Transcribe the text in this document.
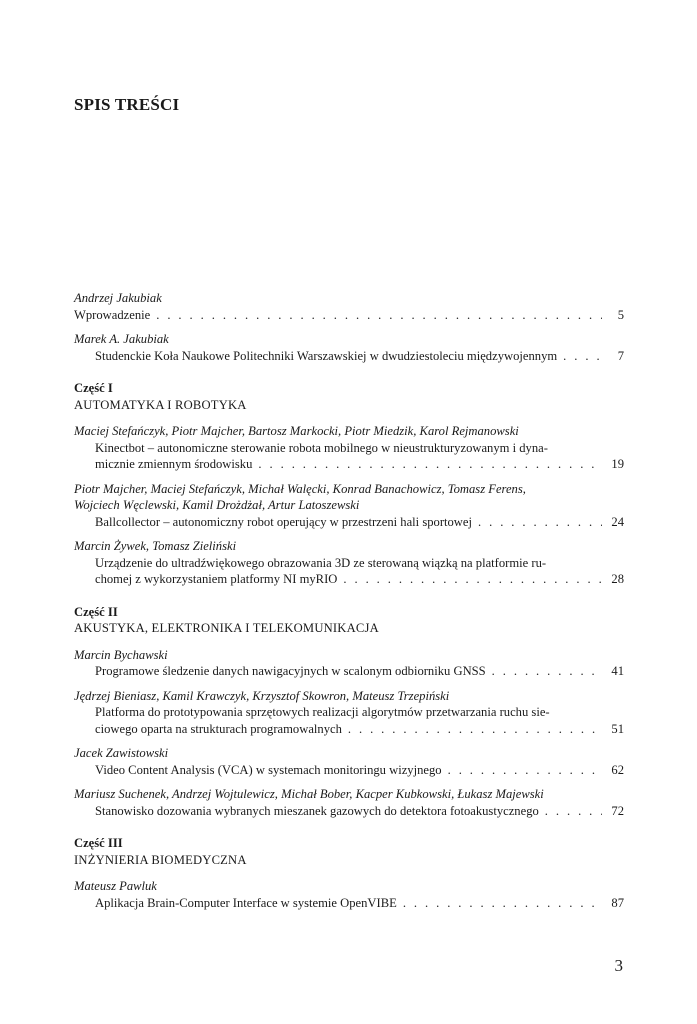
SPIS TREŚCI
Andrzej Jakubiak
Wprowadzenie . . .	5
Marek A. Jakubiak
Studenckie Koła Naukowe Politechniki Warszawskiej w dwudziestoleciu międzywojennym . . .	7
Część I
AUTOMATYKA I ROBOTYKA
Maciej Stefańczyk, Piotr Majcher, Bartosz Markocki, Piotr Miedzik, Karol Rejmanowski
Kinectbot – autonomiczne sterowanie robota mobilnego w nieustrukturyzowanym i dyna-
micznie zmiennym środowisku . . .	19
Piotr Majcher, Maciej Stefańczyk, Michał Walęcki, Konrad Banachowicz, Tomasz Ferens,
Wojciech Węclewski, Kamil Drożdżał, Artur Latoszewski
Ballcollector – autonomiczny robot operujący w przestrzeni hali sportowej . . .	24
Marcin Żywek, Tomasz Zieliński
Urządzenie do ultradźwiękowego obrazowania 3D ze sterowaną wiązką na platformie ru-
chomej z wykorzystaniem platformy NI myRIO . . .	28
Część II
AKUSTYKA, ELEKTRONIKA I TELEKOMUNIKACJA
Marcin Bychawski
Programowe śledzenie danych nawigacyjnych w scalonym odbiorniku GNSS . . .	41
Jędrzej Bieniasz, Kamil Krawczyk, Krzysztof Skowron, Mateusz Trzepiński
Platforma do prototypowania sprzętowych realizacji algorytmów przetwarzania ruchu sie-
ciowego oparta na strukturach programowalnych . . .	51
Jacek Zawistowski
Video Content Analysis (VCA) w systemach monitoringu wizyjnego . . .	62
Mariusz Suchenek, Andrzej Wojtulewicz, Michał Bober, Kacper Kubkowski, Łukasz Majewski
Stanowisko dozowania wybranych mieszanek gazowych do detektora fotoakustycznego . . .	72
Część III
INŻYNIERIA BIOMEDYCZNA
Mateusz Pawluk
Aplikacja Brain-Computer Interface w systemie OpenVIBE . . .	87
3
